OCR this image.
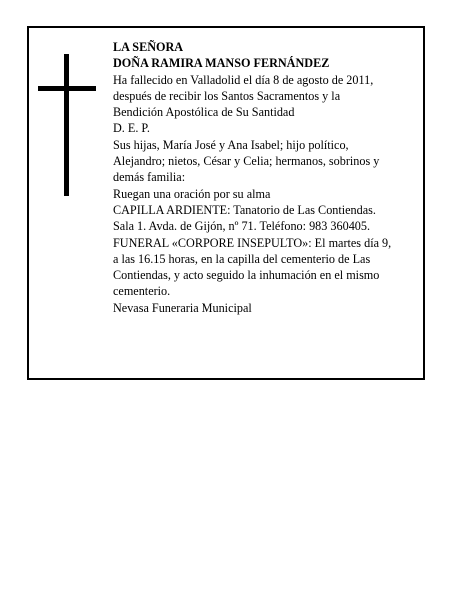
LA SEÑORA
DOÑA RAMIRA MANSO FERNÁNDEZ
Ha fallecido en Valladolid el día 8 de agosto de 2011,
después de recibir los Santos Sacramentos y la
Bendición Apostólica de Su Santidad
D. E. P.
Sus hijas, María José y Ana Isabel; hijo político,
Alejandro; nietos, César y Celia; hermanos, sobrinos y
demás familia:
Ruegan una oración por su alma
CAPILLA ARDIENTE: Tanatorio de Las Contiendas.
Sala 1. Avda. de Gijón, nº 71. Teléfono: 983 360405.
FUNERAL «CORPORE INSEPULTO»: El martes día 9,
a las 16.15 horas, en la capilla del cementerio de Las
Contiendas, y acto seguido la inhumación en el mismo
cementerio.
Nevasa Funeraria Municipal
